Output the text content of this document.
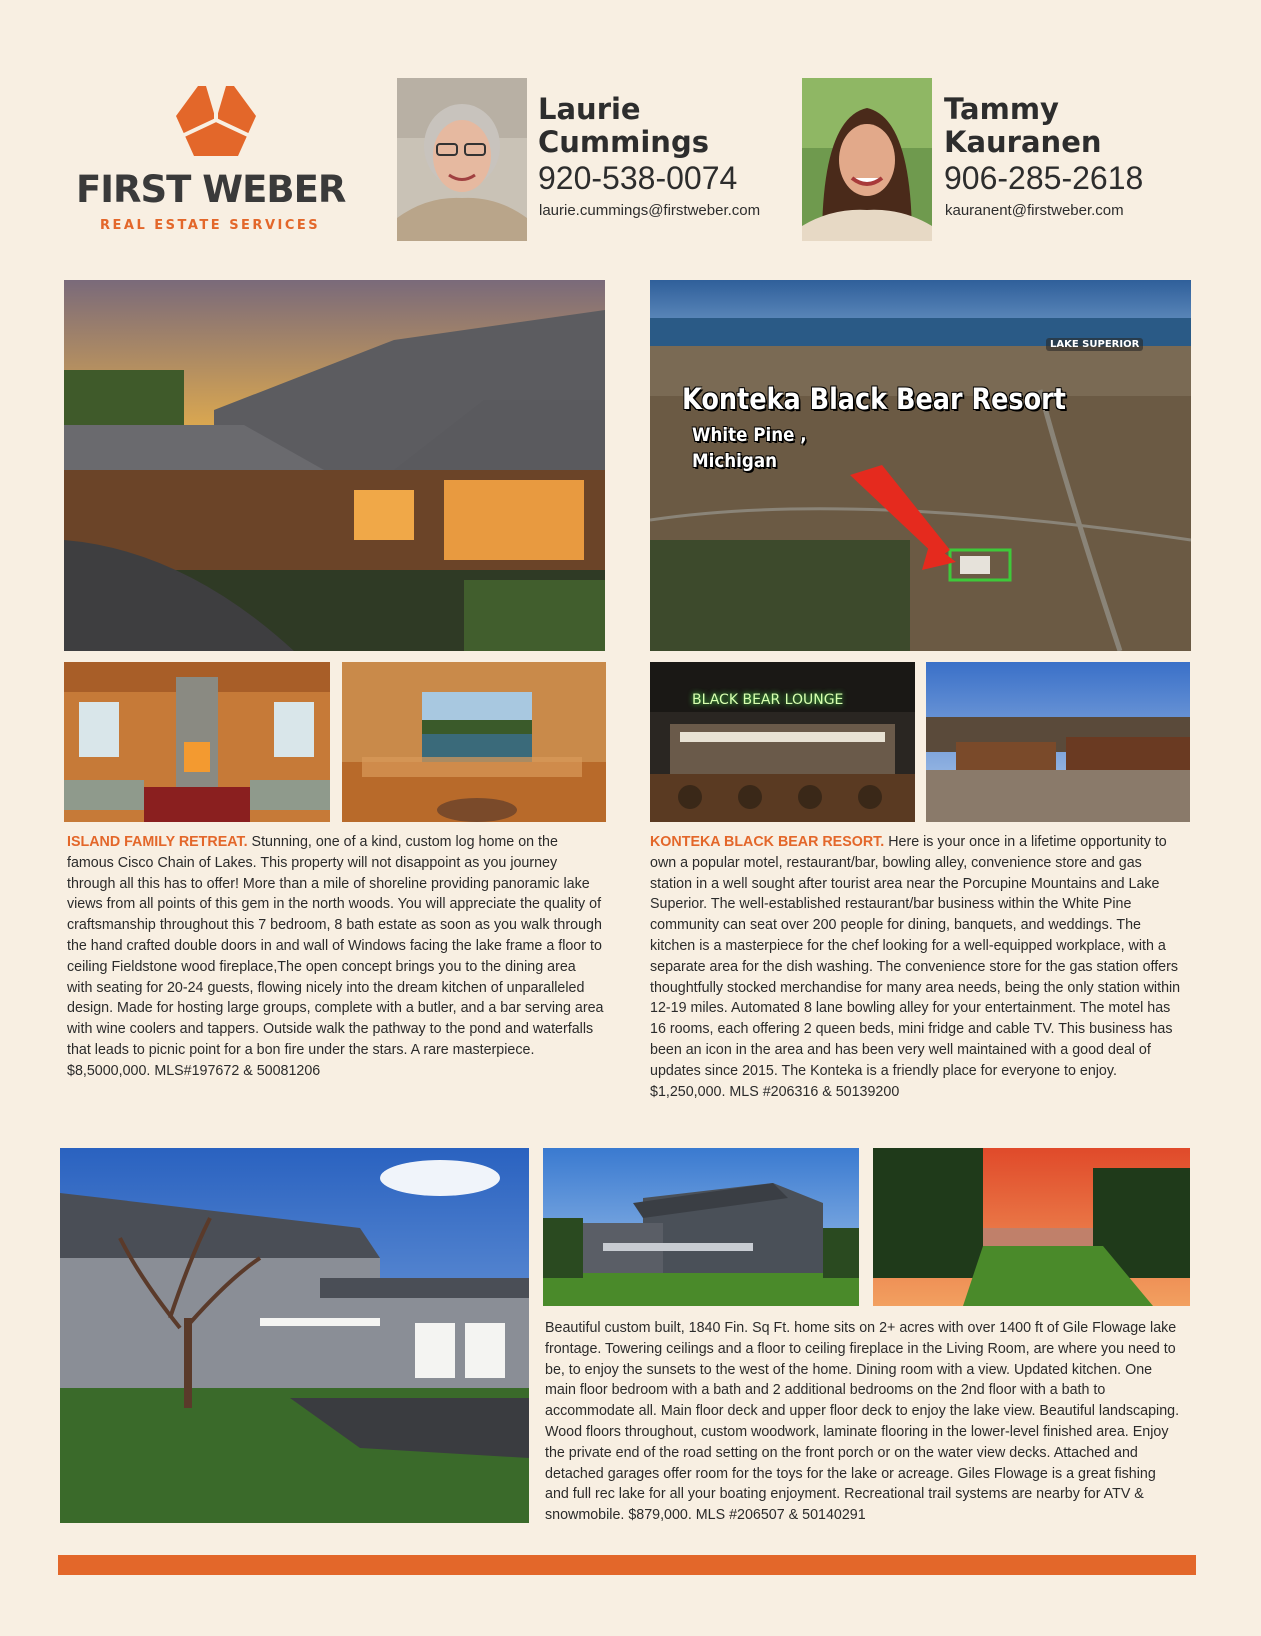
FIRST WEBER
REAL ESTATE SERVICES
Laurie
Cummings
920-538-0074
laurie.cummings@firstweber.com
Tammy
Kauranen
906-285-2618
kauranent@firstweber.com
ISLAND FAMILY RETREAT. Stunning, one of a kind, custom log home on the famous Cisco Chain of Lakes. This property will not disappoint as you journey through all this has to offer! More than a mile of shoreline providing panoramic lake views from all points of this gem in the north woods. You will appreciate the quality of craftsmanship throughout this 7 bedroom, 8 bath estate as soon as you walk through the hand crafted double doors in and wall of Windows facing the lake frame a floor to ceiling Fieldstone wood fireplace,The open concept brings you to the dining area with seating for 20-24 guests, flowing nicely into the dream kitchen of unparalleled design. Made for hosting large groups, complete with a butler, and a bar serving area with wine coolers and tappers. Outside walk the pathway to the pond and waterfalls that leads to picnic point for a bon fire under the stars. A rare masterpiece. $8,5000,000. MLS#197672 & 50081206
LAKE SUPERIOR
Konteka Black Bear Resort
White Pine , Michigan
BLACK BEAR LOUNGE
KONTEKA BLACK BEAR RESORT. Here is your once in a lifetime opportunity to own a popular motel, restaurant/bar, bowling alley, convenience store and gas station in a well sought after tourist area near the Porcupine Mountains and Lake Superior. The well-established restaurant/bar business within the White Pine community can seat over 200 people for dining, banquets, and weddings. The kitchen is a masterpiece for the chef looking for a well-equipped workplace, with a separate area for the dish washing. The convenience store for the gas station offers thoughtfully stocked merchandise for many area needs, being the only station within 12-19 miles. Automated 8 lane bowling alley for your entertainment. The motel has 16 rooms, each offering 2 queen beds, mini fridge and cable TV. This business has been an icon in the area and has been very well maintained with a good deal of updates since 2015. The Konteka is a friendly place for everyone to enjoy. $1,250,000. MLS #206316 & 50139200
Beautiful custom built, 1840 Fin. Sq Ft. home sits on 2+ acres with over 1400 ft of Gile Flowage lake frontage. Towering ceilings and a floor to ceiling fireplace in the Living Room, are where you need to be, to enjoy the sunsets to the west of the home. Dining room with a view. Updated kitchen. One main floor bedroom with a bath and 2 additional bedrooms on the 2nd floor with a bath to accommodate all. Main floor deck and upper floor deck to enjoy the lake view. Beautiful landscaping. Wood floors throughout, custom woodwork, laminate flooring in the lower-level finished area. Enjoy the private end of the road setting on the front porch or on the water view decks. Attached and detached garages offer room for the toys for the lake or acreage. Giles Flowage is a great fishing and full rec lake for all your boating enjoyment. Recreational trail systems are nearby for ATV & snowmobile. $879,000. MLS #206507 & 50140291
